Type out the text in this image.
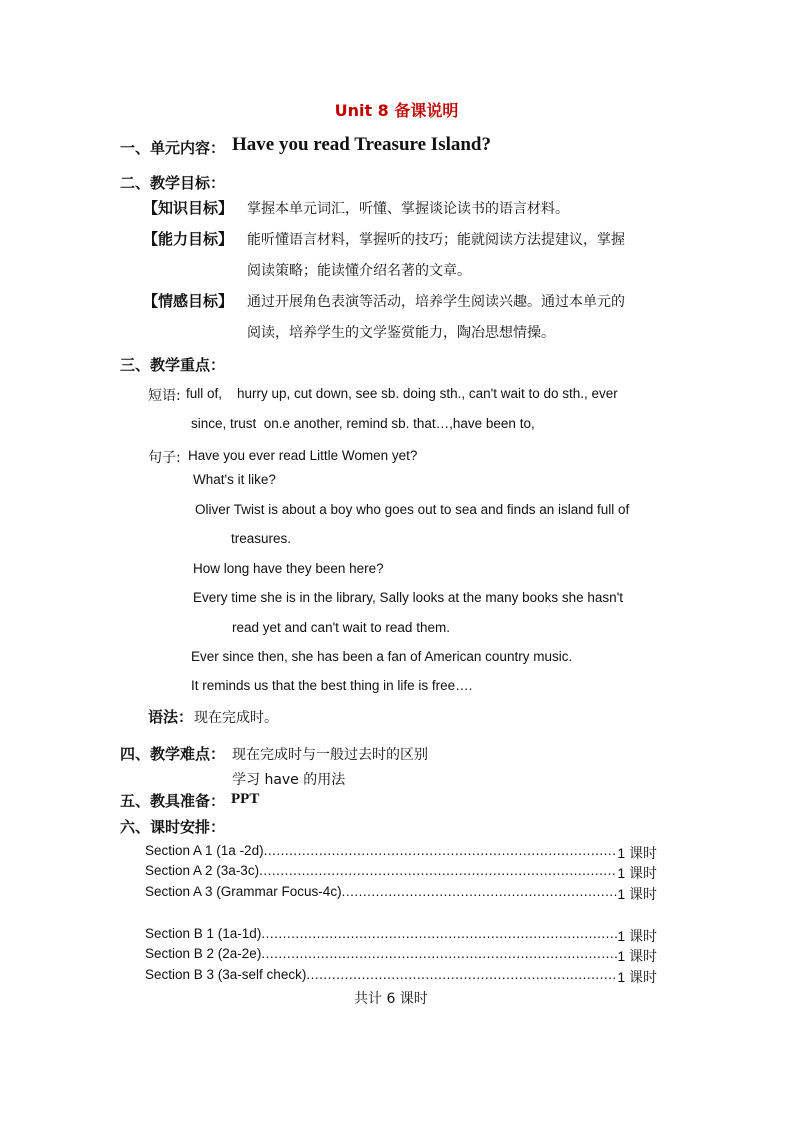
Unit 8 备课说明
一、单元内容： Have you read Treasure Island?
二、教学目标：
【知识目标】 掌握本单元词汇，听懂、掌握谈论读书的语言材料。
【能力目标】 能听懂语言材料，掌握听的技巧；能就阅读方法提建议，掌握
阅读策略；能读懂介绍名著的文章。
【情感目标】 通过开展角色表演等活动，培养学生阅读兴趣。通过本单元的
阅读，培养学生的文学鉴赏能力，陶冶思想情操。
三、教学重点：
短语: full of,    hurry up, cut down, see sb. doing sth., can't wait to do sth., ever
since, trust  on.e another, remind sb. that…,have been to,
句子: Have you ever read Little Women yet?
What's it like?
Oliver Twist is about a boy who goes out to sea and finds an island full of
treasures.
How long have they been here?
Every time she is in the library, Sally looks at the many books she hasn't
read yet and can't wait to read them.
Ever since then, she has been a fan of American country music.
It reminds us that the best thing in life is free….
语法： 现在完成时。
四、教学难点： 现在完成时与一般过去时的区别
学习 have 的用法
五、教具准备： PPT
六、课时安排：
Section A 1 (1a -2d) .....	1 课时
Section A 2 (3a-3c) .....	1 课时
Section A 3 (Grammar Focus-4c) .....	1 课时
Section B 1 (1a-1d) .....	1 课时
Section B 2 (2a-2e) .....	1 课时
Section B 3 (3a-self check) .....	1 课时
共计 6 课时
